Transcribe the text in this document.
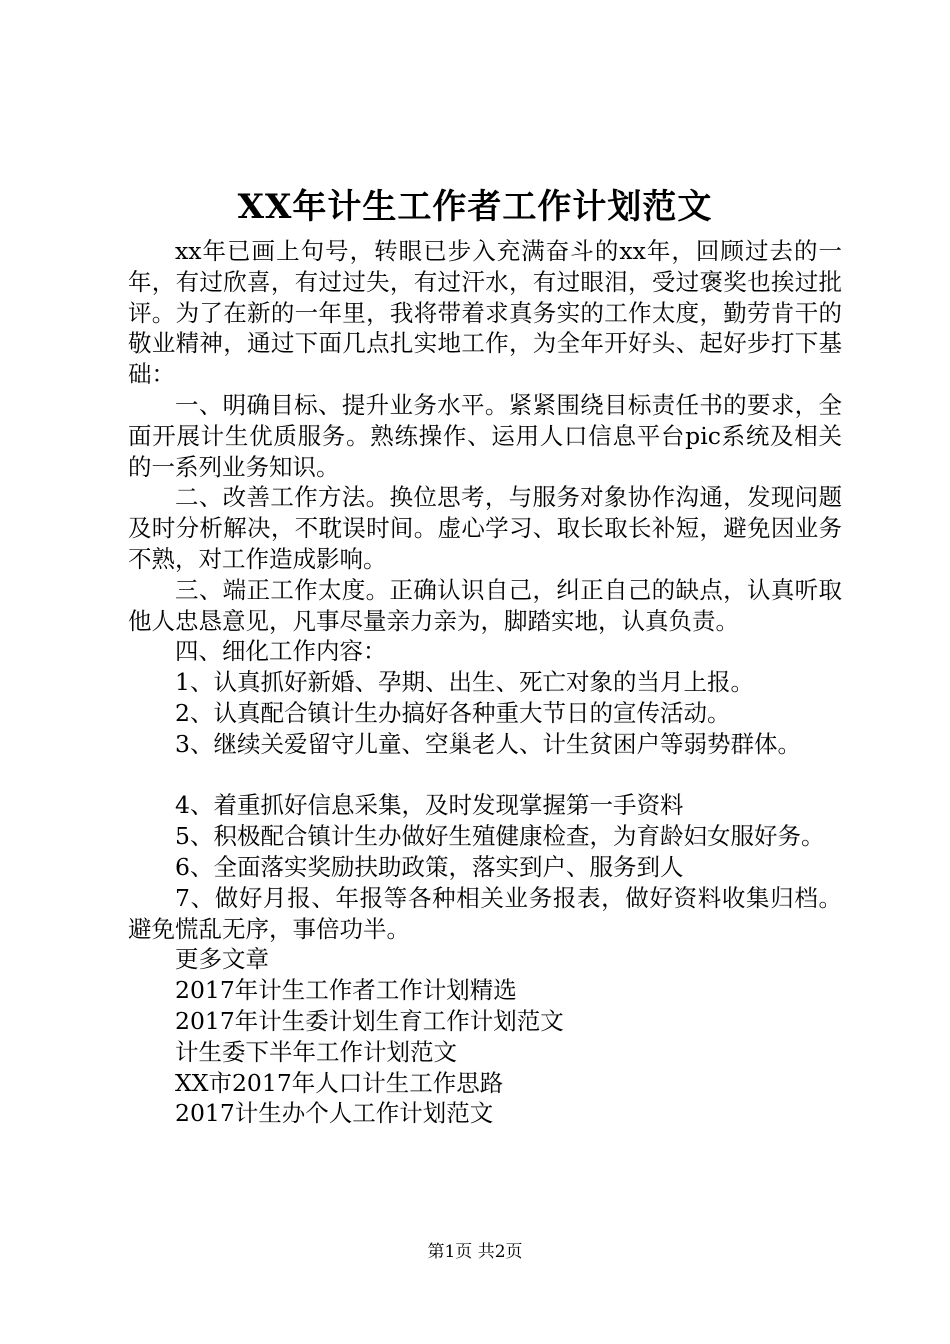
XX年计生工作者工作计划范文

xx年已画上句号，转眼已步入充满奋斗的xx年，回顾过去的一年，有过欣喜，有过过失，有过汗水，有过眼泪，受过褒奖也挨过批评。为了在新的一年里，我将带着求真务实的工作太度，勤劳肯干的敬业精神，通过下面几点扎实地工作，为全年开好头、起好步打下基础：

一、明确目标、提升业务水平。紧紧围绕目标责任书的要求，全面开展计生优质服务。熟练操作、运用人口信息平台pic系统及相关的一系列业务知识。

二、改善工作方法。换位思考，与服务对象协作沟通，发现问题及时分析解决，不耽误时间。虚心学习、取长取长补短，避免因业务不熟，对工作造成影响。

三、端正工作太度。正确认识自己，纠正自己的缺点，认真听取他人忠恳意见，凡事尽量亲力亲为，脚踏实地，认真负责。

四、细化工作内容：

1、认真抓好新婚、孕期、出生、死亡对象的当月上报。

2、认真配合镇计生办搞好各种重大节日的宣传活动。

3、继续关爱留守儿童、空巢老人、计生贫困户等弱势群体。

4、着重抓好信息采集，及时发现掌握第一手资料

5、积极配合镇计生办做好生殖健康检查，为育龄妇女服好务。

6、全面落实奖励扶助政策，落实到户、服务到人

7、做好月报、年报等各种相关业务报表，做好资料收集归档。避免慌乱无序，事倍功半。

更多文章
2017年计生工作者工作计划精选
2017年计生委计划生育工作计划范文
计生委下半年工作计划范文
XX市2017年人口计生工作思路
2017计生办个人工作计划范文
第1页 共2页
